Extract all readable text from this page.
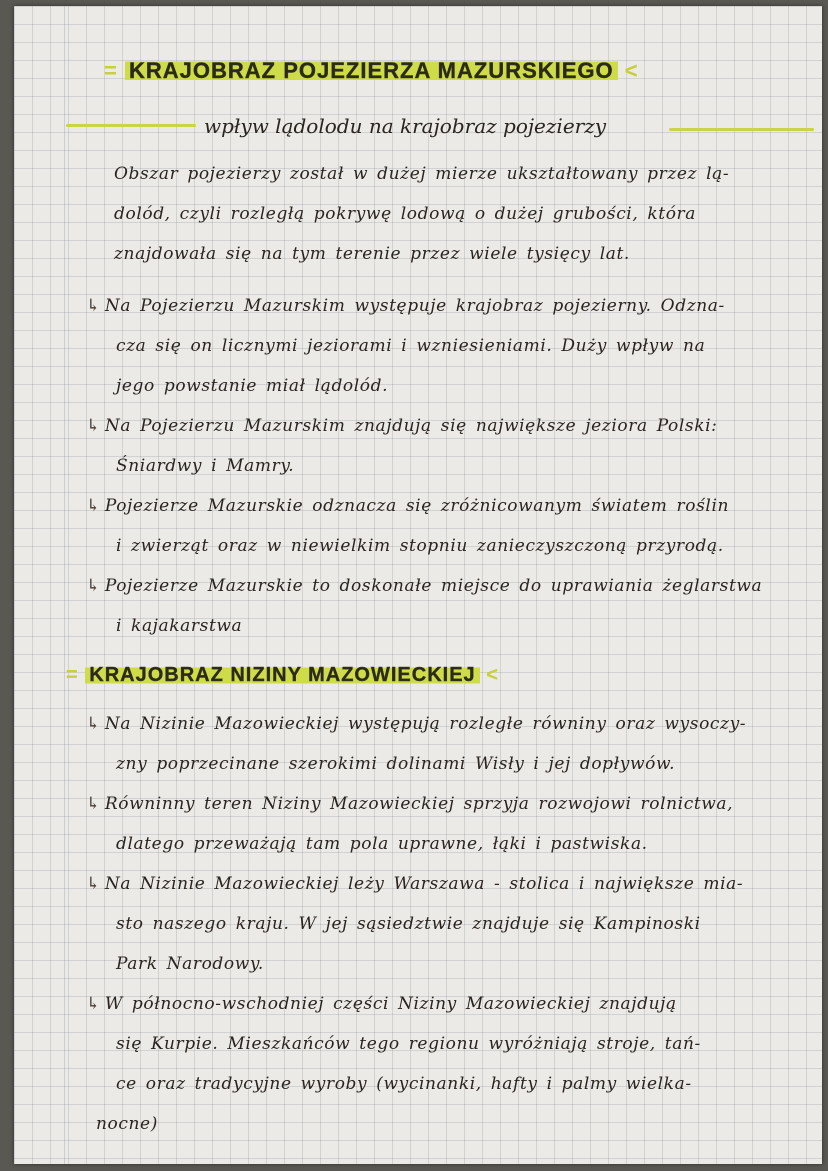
= KRAJOBRAZ POJEZIERZA MAZURSKIEGO <
wpływ lądolodu na krajobraz pojezierzy
Obszar pojezierzy został w dużej mierze ukształtowany przez lą-
dolód, czyli rozległą pokrywę lodową o dużej grubości, która
znajdowała się na tym terenie przez wiele tysięcy lat.
↳ Na Pojezierzu Mazurskim występuje krajobraz pojezierny. Odzna-
cza się on licznymi jeziorami i wzniesieniami. Duży wpływ na
jego powstanie miał lądolód.
↳ Na Pojezierzu Mazurskim znajdują się największe jeziora Polski:
Śniardwy i Mamry.
↳ Pojezierze Mazurskie odznacza się zróżnicowanym światem roślin
i zwierząt oraz w niewielkim stopniu zanieczyszczoną przyrodą.
↳ Pojezierze Mazurskie to doskonałe miejsce do uprawiania żeglarstwa
i kajakarstwa
= KRAJOBRAZ NIZINY MAZOWIECKIEJ <
↳ Na Nizinie Mazowieckiej występują rozległe równiny oraz wysoczy-
zny poprzecinane szerokimi dolinami Wisły i jej dopływów.
↳ Równinny teren Niziny Mazowieckiej sprzyja rozwojowi rolnictwa,
dlatego przeważają tam pola uprawne, łąki i pastwiska.
↳ Na Nizinie Mazowieckiej leży Warszawa - stolica i największe mia-
sto naszego kraju. W jej sąsiedztwie znajduje się Kampinoski
Park Narodowy.
↳ W północno-wschodniej części Niziny Mazowieckiej znajdują
się Kurpie. Mieszkańców tego regionu wyróżniają stroje, tań-
ce oraz tradycyjne wyroby (wycinanki, hafty i palmy wielka-
nocne)
